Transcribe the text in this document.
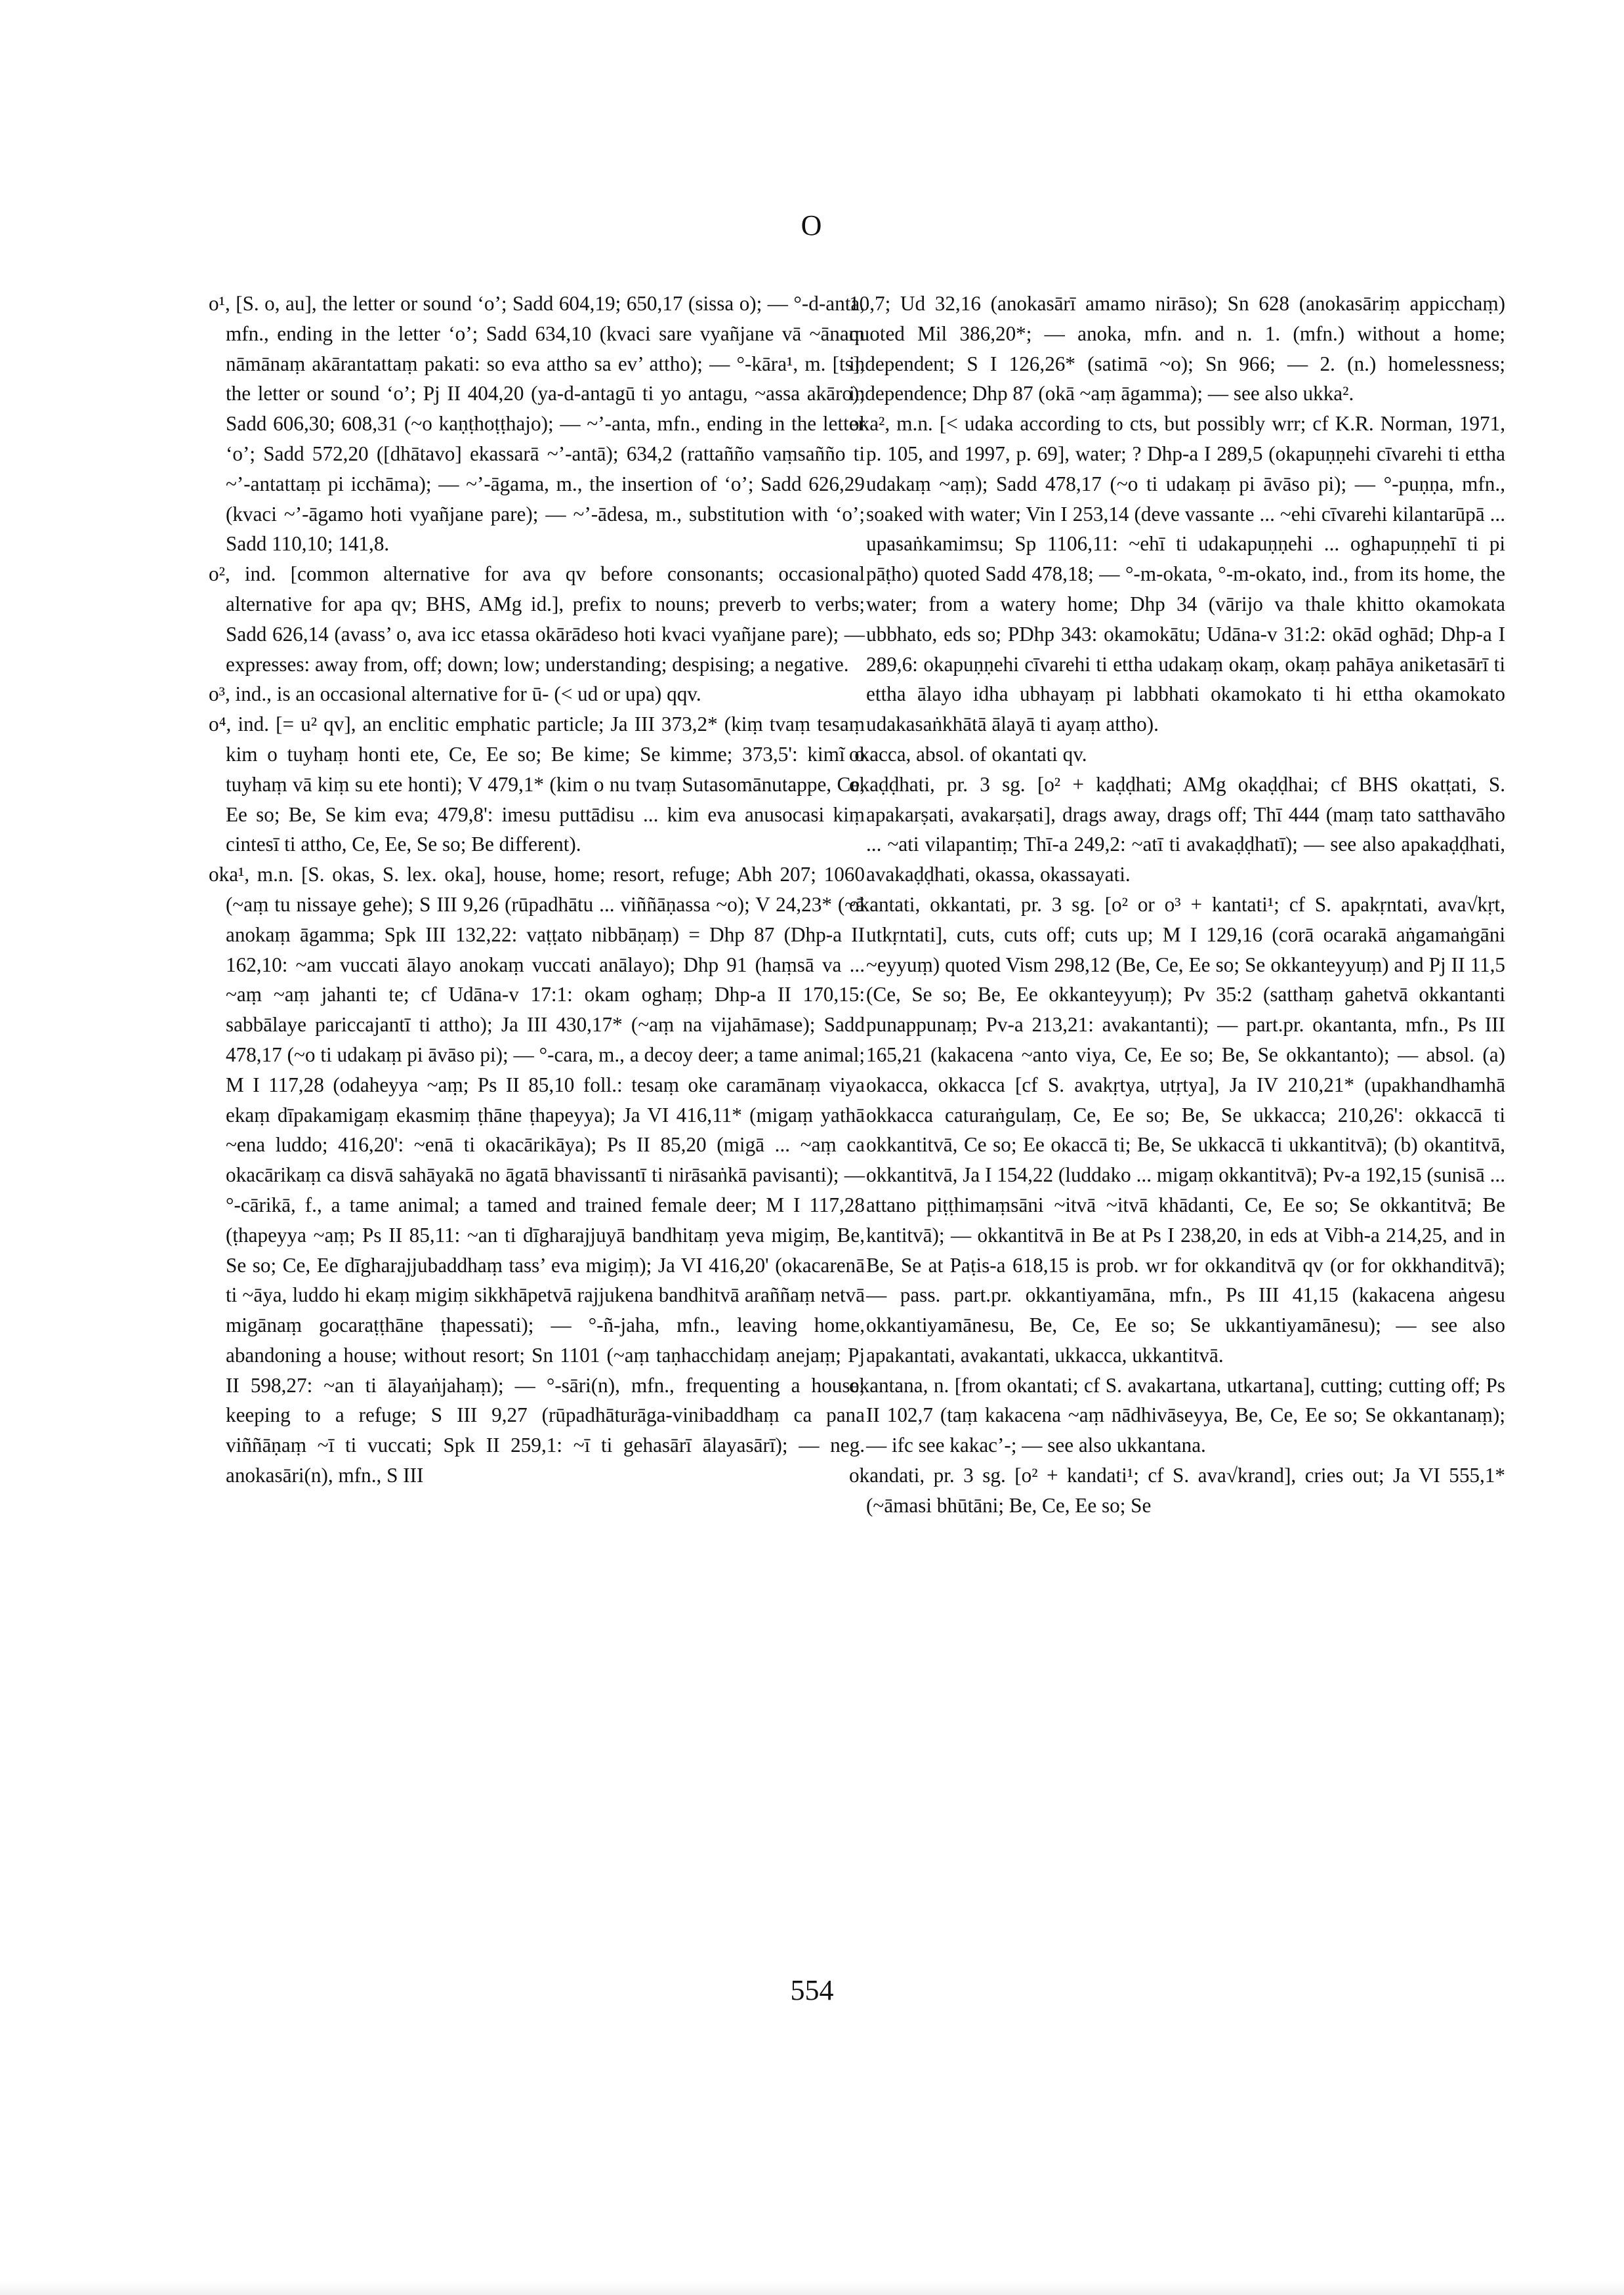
O

o¹, [S. o, au], the letter or sound ‘o’; Sadd 604,19; 650,17 (sissa o); — °-d-anta, mfn., ending in the letter ‘o’; Sadd 634,10 (kvaci sare vyañjane vā ~ānaṃ nāmānaṃ akārantattaṃ pakati: so eva attho sa ev’ attho); — °-kāra¹, m. [ts], the letter or sound ‘o’; Pj II 404,20 (ya-d-antagū ti yo antagu, ~assa akāro); Sadd 606,30; 608,31 (~o kaṇṭhoṭṭhajo); — ~’-anta, mfn., ending in the letter ‘o’; Sadd 572,20 ([dhātavo] ekassarā ~’-antā); 634,2 (rattañño vaṃsañño ti ~’-antattaṃ pi icchāma); — ~’-āgama, m., the insertion of ‘o’; Sadd 626,29 (kvaci ~’-āgamo hoti vyañjane pare); — ~’-ādesa, m., substitution with ‘o’; Sadd 110,10; 141,8.

o², ind. [common alternative for ava qv before consonants; occasional alternative for apa qv; BHS, AMg id.], prefix to nouns; preverb to verbs; Sadd 626,14 (avass’ o, ava icc etassa okārādeso hoti kvaci vyañjane pare); — expresses: away from, off; down; low; understanding; despising; a negative.

o³, ind., is an occasional alternative for ū- (< ud or upa) qqv.

o⁴, ind. [= u² qv], an enclitic emphatic particle; Ja III 373,2* (kiṃ tvaṃ tesaṃ kim o tuyhaṃ honti ete, Ce, Ee so; Be kime; Se kimme; 373,5': kimĩ o tuyhaṃ vā kiṃ su ete honti); V 479,1* (kim o nu tvaṃ Sutasomānutappe, Ce, Ee so; Be, Se kim eva; 479,8': imesu puttādisu ... kim eva anusocasi kiṃ cintesī ti attho, Ce, Ee, Se so; Be different).

oka¹, m.n. [S. okas, S. lex. oka], house, home; resort, refuge; Abh 207; 1060 (~aṃ tu nissaye gehe); S III 9,26 (rūpadhātu ... viññāṇassa ~o); V 24,23* (~ā anokaṃ āgamma; Spk III 132,22: vaṭṭato nibbāṇaṃ) = Dhp 87 (Dhp-a II 162,10: ~am vuccati ālayo anokaṃ vuccati anālayo); Dhp 91 (haṃsā va ... ~aṃ ~aṃ jahanti te; cf Udāna-v 17:1: okam oghaṃ; Dhp-a II 170,15: sabbālaye pariccajantī ti attho); Ja III 430,17* (~aṃ na vijahāmase); Sadd 478,17 (~o ti udakaṃ pi āvāso pi); — °-cara, m., a decoy deer; a tame animal; M I 117,28 (odaheyya ~aṃ; Ps II 85,10 foll.: tesaṃ oke caramānaṃ viya ekaṃ dīpakamigaṃ ekasmiṃ ṭhāne ṭhapeyya); Ja VI 416,11* (migaṃ yathā ~ena luddo; 416,20': ~enā ti okacārikāya); Ps II 85,20 (migā ... ~aṃ ca okacārikaṃ ca disvā sahāyakā no āgatā bhavissantī ti nirāsaṅkā pavisanti); — °-cārikā, f., a tame animal; a tamed and trained female deer; M I 117,28 (ṭhapeyya ~aṃ; Ps II 85,11: ~an ti dīgharajjuyā bandhitaṃ yeva migiṃ, Be, Se so; Ce, Ee dīgharajjubaddhaṃ tass’ eva migiṃ); Ja VI 416,20' (okacarenā ti ~āya, luddo hi ekaṃ migiṃ sikkhāpetvā rajjukena bandhitvā araññaṃ netvā migānaṃ gocaraṭṭhāne ṭhapessati); — °-ñ-jaha, mfn., leaving home, abandoning a house; without resort; Sn 1101 (~aṃ taṇhacchidaṃ anejaṃ; Pj II 598,27: ~an ti ālayaṅjahaṃ); — °-sāri(n), mfn., frequenting a house; keeping to a refuge; S III 9,27 (rūpadhāturāga-vinibaddhaṃ ca pana viññāṇaṃ ~ī ti vuccati; Spk II 259,1: ~ī ti gehasārī ālayasārī); — neg. anokasāri(n), mfn., S III

10,7; Ud 32,16 (anokasārī amamo nirāso); Sn 628 (anokasāriṃ appicchaṃ) quoted Mil 386,20*; — anoka, mfn. and n. 1. (mfn.) without a home; independent; S I 126,26* (satimā ~o); Sn 966; — 2. (n.) homelessness; independence; Dhp 87 (okā ~aṃ āgamma); — see also ukka².

oka², m.n. [< udaka according to cts, but possibly wrr; cf K.R. Norman, 1971, p. 105, and 1997, p. 69], water; ? Dhp-a I 289,5 (okapuṇṇehi cīvarehi ti ettha udakaṃ ~aṃ); Sadd 478,17 (~o ti udakaṃ pi āvāso pi); — °-puṇṇa, mfn., soaked with water; Vin I 253,14 (deve vassante ... ~ehi cīvarehi kilantarūpā ... upasaṅkamimsu; Sp 1106,11: ~ehī ti udakapuṇṇehi ... oghapuṇṇehī ti pi pāṭho) quoted Sadd 478,18; — °-m-okata, °-m-okato, ind., from its home, the water; from a watery home; Dhp 34 (vārijo va thale khitto okamokata ubbhato, eds so; PDhp 343: okamokātu; Udāna-v 31:2: okād oghād; Dhp-a I 289,6: okapuṇṇehi cīvarehi ti ettha udakaṃ okaṃ, okaṃ pahāya aniketasārī ti ettha ālayo idha ubhayaṃ pi labbhati okamokato ti hi ettha okamokato udakasaṅkhātā ālayā ti ayaṃ attho).

okacca, absol. of okantati qv.

okaḍḍhati, pr. 3 sg. [o² + kaḍḍhati; AMg okaḍḍhai; cf BHS okatṭati, S. apakarṣati, avakarṣati], drags away, drags off; Thī 444 (maṃ tato satthavāho ... ~ati vilapantiṃ; Thī-a 249,2: ~atī ti avakaḍḍhatī); — see also apakaḍḍhati, avakaḍḍhati, okassa, okassayati.

okantati, okkantati, pr. 3 sg. [o² or o³ + kantati¹; cf S. apakṛntati, ava√kṛt, utkṛntati], cuts, cuts off; cuts up; M I 129,16 (corā ocarakā aṅgamaṅgāni ~eyyuṃ) quoted Vism 298,12 (Be, Ce, Ee so; Se okkanteyyuṃ) and Pj II 11,5 (Ce, Se so; Be, Ee okkanteyyuṃ); Pv 35:2 (satthaṃ gahetvā okkantanti punappunaṃ; Pv-a 213,21: avakantanti); — part.pr. okantanta, mfn., Ps III 165,21 (kakacena ~anto viya, Ce, Ee so; Be, Se okkantanto); — absol. (a) okacca, okkacca [cf S. avakṛtya, utṛtya], Ja IV 210,21* (upakhandhamhā okkacca caturaṅgulaṃ, Ce, Ee so; Be, Se ukkacca; 210,26': okkaccā ti okkantitvā, Ce so; Ee okaccā ti; Be, Se ukkaccā ti ukkantitvā); (b) okantitvā, okkantitvā, Ja I 154,22 (luddako ... migaṃ okkantitvā); Pv-a 192,15 (sunisā ... attano piṭṭhimaṃsāni ~itvā ~itvā khādanti, Ce, Ee so; Se okkantitvā; Be kantitvā); — okkantitvā in Be at Ps I 238,20, in eds at Vibh-a 214,25, and in Be, Se at Paṭis-a 618,15 is prob. wr for okkanditvā qv (or for okkhanditvā); — pass. part.pr. okkantiyamāna, mfn., Ps III 41,15 (kakacena aṅgesu okkantiyamānesu, Be, Ce, Ee so; Se ukkantiyamānesu); — see also apakantati, avakantati, ukkacca, ukkantitvā.

okantana, n. [from okantati; cf S. avakartana, utkartana], cutting; cutting off; Ps II 102,7 (taṃ kakacena ~aṃ nādhivāseyya, Be, Ce, Ee so; Se okkantanaṃ); — ifc see kakac’-; — see also ukkantana.

okandati, pr. 3 sg. [o² + kandati¹; cf S. ava√krand], cries out; Ja VI 555,1* (~āmasi bhūtāni; Be, Ce, Ee so; Se

554
